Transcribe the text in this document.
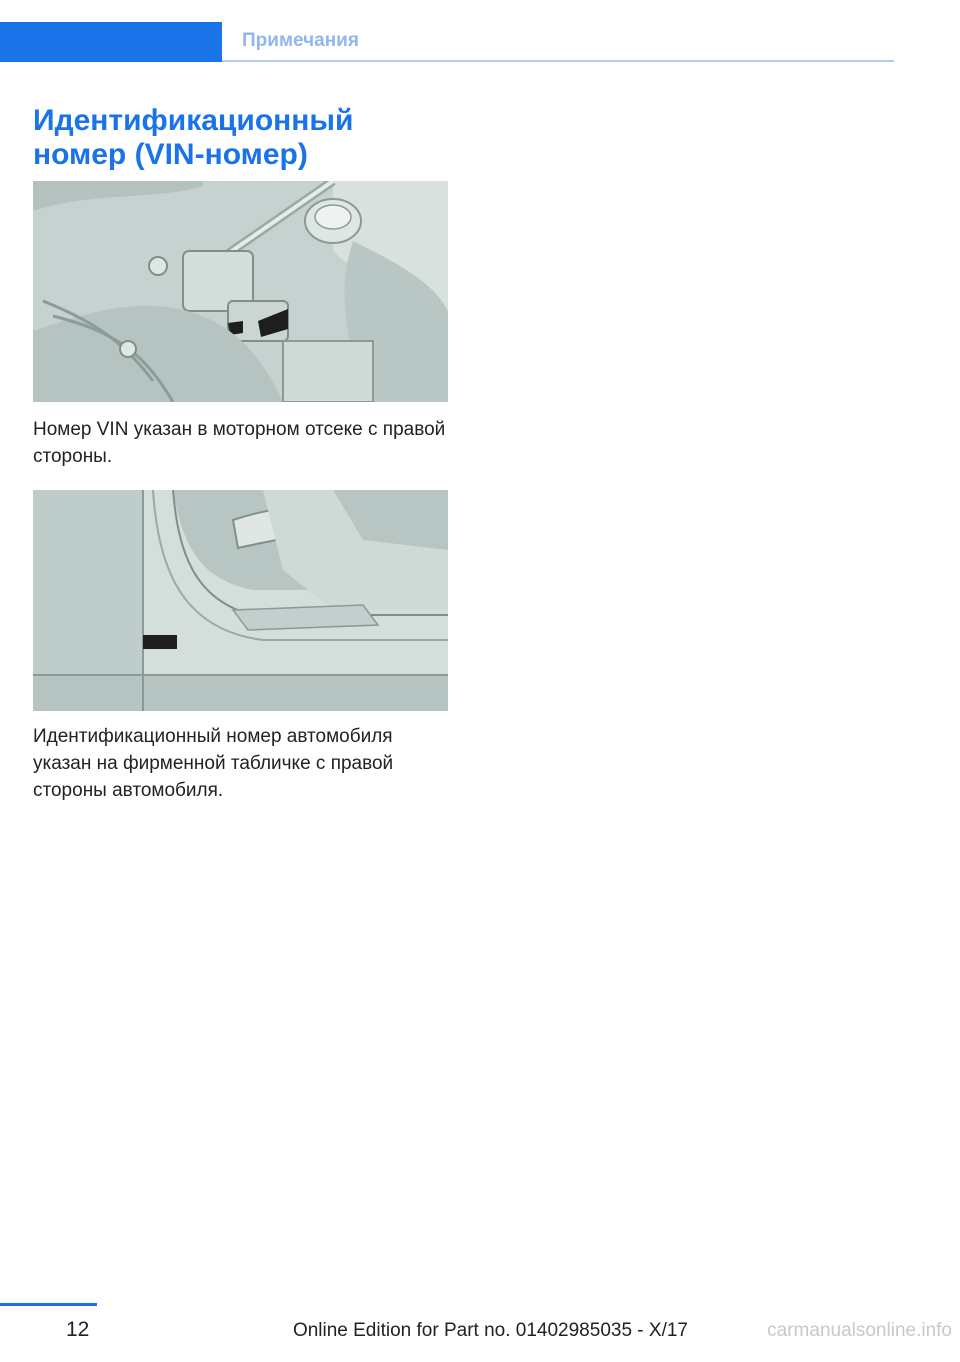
Примечания
Идентификационный номер (VIN-номер)

Номер VIN указан в моторном отсеке с правой стороны.

Идентификационный номер автомобиля указан на фирменной табличке с правой стороны автомобиля.

12	Online Edition for Part no. 01402985035 - X/17	carmanualsonline.info
